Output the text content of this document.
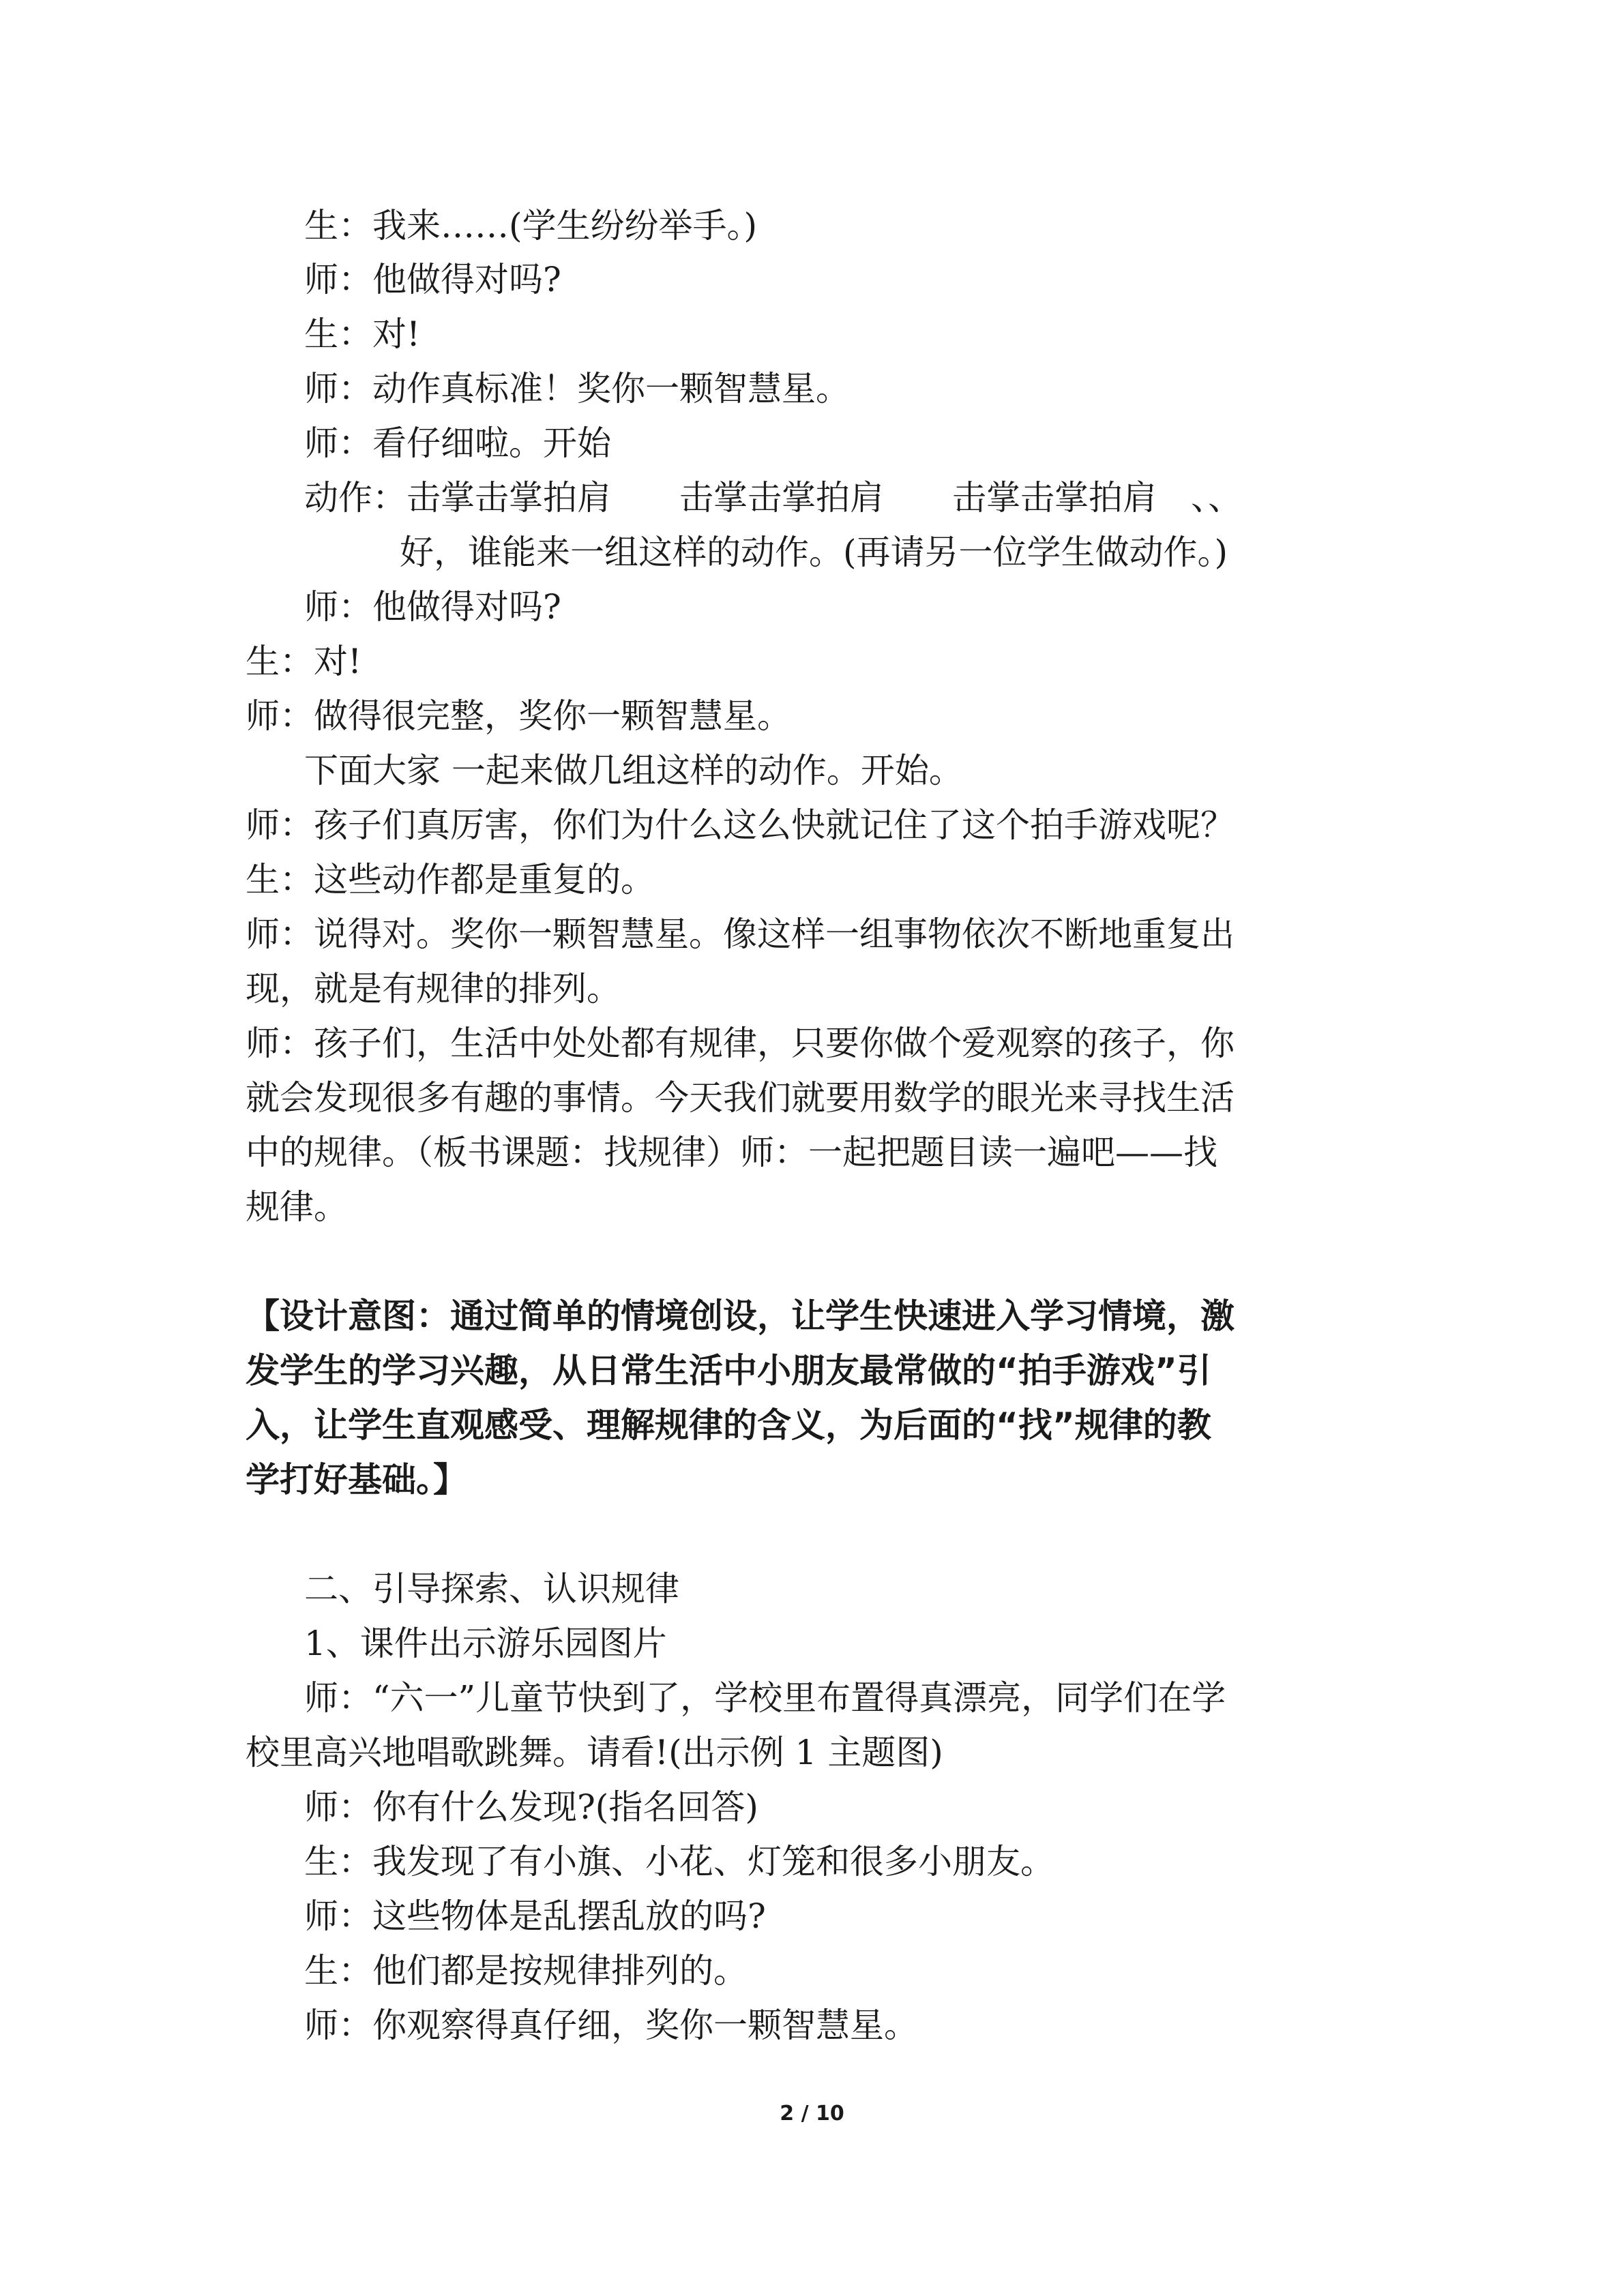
生：我来……(学生纷纷举手。)
师：他做得对吗?
生：对!
师：动作真标准！奖你一颗智慧星。
师：看仔细啦。开始
动作：击掌击掌拍肩　　击掌击掌拍肩　　击掌击掌拍肩　、、
好，谁能来一组这样的动作。(再请另一位学生做动作。)
师：他做得对吗?
生：对!
师：做得很完整，奖你一颗智慧星。
下面大家 一起来做几组这样的动作。开始。
师：孩子们真厉害，你们为什么这么快就记住了这个拍手游戏呢？
生：这些动作都是重复的。
师：说得对。奖你一颗智慧星。像这样一组事物依次不断地重复出
现，就是有规律的排列。
师：孩子们，生活中处处都有规律，只要你做个爱观察的孩子，你
就会发现很多有趣的事情。今天我们就要用数学的眼光来寻找生活
中的规律。（板书课题：找规律）师：一起把题目读一遍吧——找
规律。
【设计意图：通过简单的情境创设，让学生快速进入学习情境，激
发学生的学习兴趣，从日常生活中小朋友最常做的“拍手游戏”引
入，让学生直观感受、理解规律的含义，为后面的“找”规律的教
学打好基础。】
二、引导探索、认识规律
1、课件出示游乐园图片
师：“六一”儿童节快到了，学校里布置得真漂亮，同学们在学
校里高兴地唱歌跳舞。请看!(出示例 1 主题图)
师：你有什么发现?(指名回答)
生：我发现了有小旗、小花、灯笼和很多小朋友。
师：这些物体是乱摆乱放的吗?
生：他们都是按规律排列的。
师：你观察得真仔细，奖你一颗智慧星。
2 / 10
